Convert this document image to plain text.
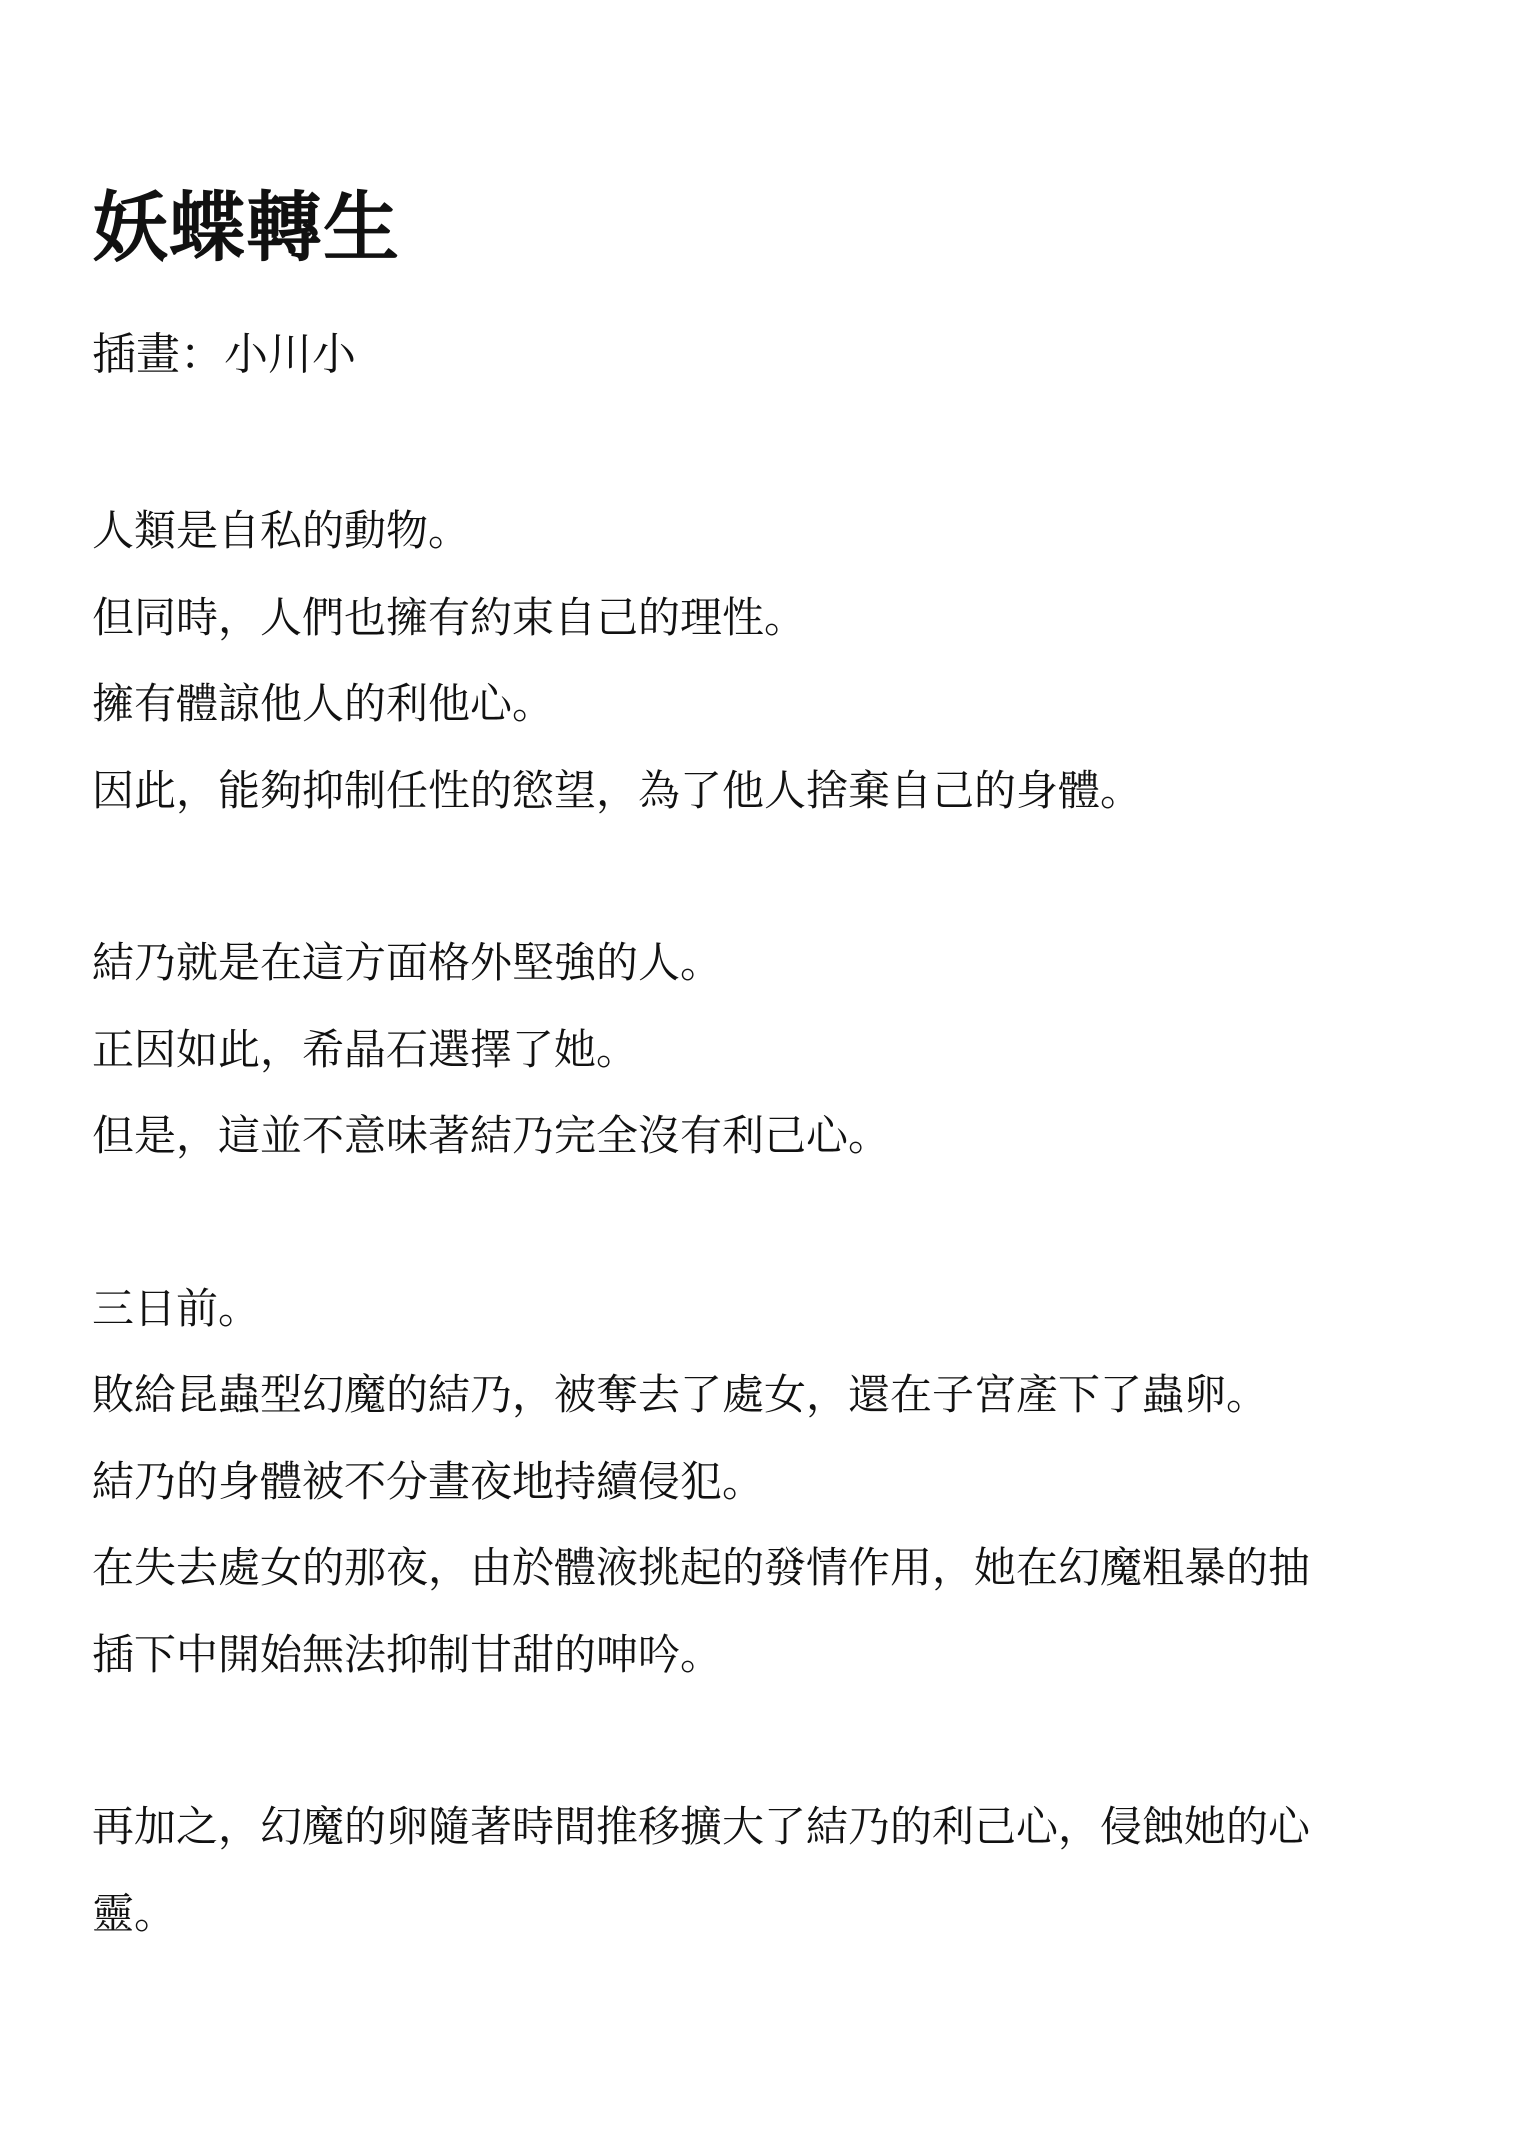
妖蝶轉生

插畫：小川小

人類是自私的動物。

但同時，人們也擁有約束自己的理性。

擁有體諒他人的利他心。

因此，能夠抑制任性的慾望，為了他人捨棄自己的身體。

結乃就是在這方面格外堅強的人。

正因如此，希晶石選擇了她。

但是，這並不意味著結乃完全沒有利己心。

三日前。

敗給昆蟲型幻魔的結乃，被奪去了處女，還在子宮產下了蟲卵。

結乃的身體被不分晝夜地持續侵犯。

在失去處女的那夜，由於體液挑起的發情作用，她在幻魔粗暴的抽

插下中開始無法抑制甘甜的呻吟。

再加之，幻魔的卵隨著時間推移擴大了結乃的利己心，侵蝕她的心

靈。
